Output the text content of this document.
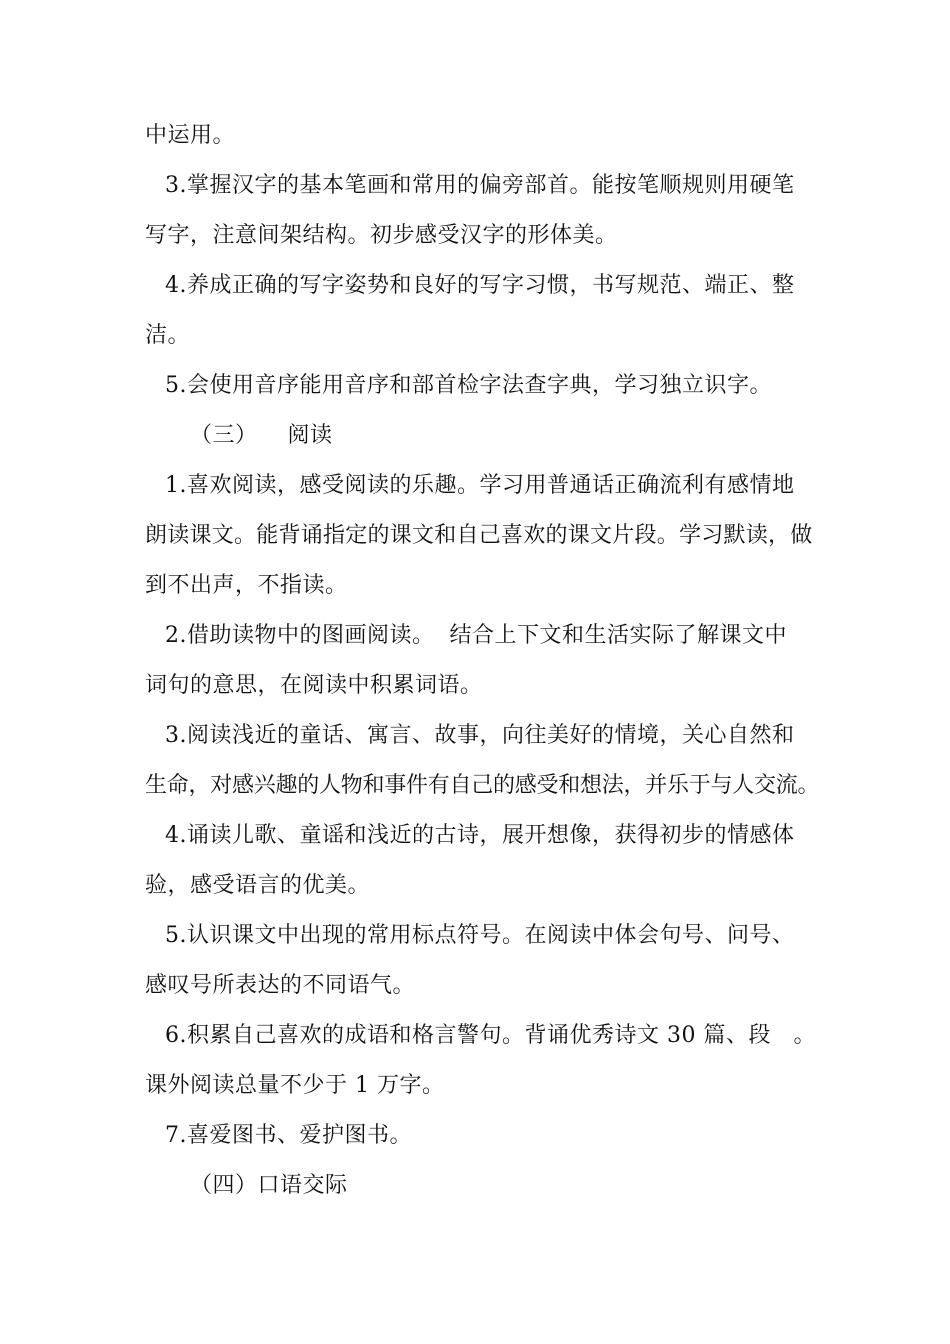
中运用。
3.掌握汉字的基本笔画和常用的偏旁部首。能按笔顺规则用硬笔
写字，注意间架结构。初步感受汉字的形体美。
4.养成正确的写字姿势和良好的写字习惯，书写规范、端正、整
洁。
5.会使用音序能用音序和部首检字法查字典，学习独立识字。
（三）    阅读
1.喜欢阅读，感受阅读的乐趣。学习用普通话正确流利有感情地
朗读课文。能背诵指定的课文和自己喜欢的课文片段。学习默读，做
到不出声，不指读。
2.借助读物中的图画阅读。  结合上下文和生活实际了解课文中
词句的意思，在阅读中积累词语。
3.阅读浅近的童话、寓言、故事，向往美好的情境，关心自然和
生命，对感兴趣的人物和事件有自己的感受和想法，并乐于与人交流。
4.诵读儿歌、童谣和浅近的古诗，展开想像，获得初步的情感体
验，感受语言的优美。
5.认识课文中出现的常用标点符号。在阅读中体会句号、问号、
感叹号所表达的不同语气。
6.积累自己喜欢的成语和格言警句。背诵优秀诗文 30 篇、段   。
课外阅读总量不少于 1 万字。
7.喜爱图书、爱护图书。
（四）口语交际
